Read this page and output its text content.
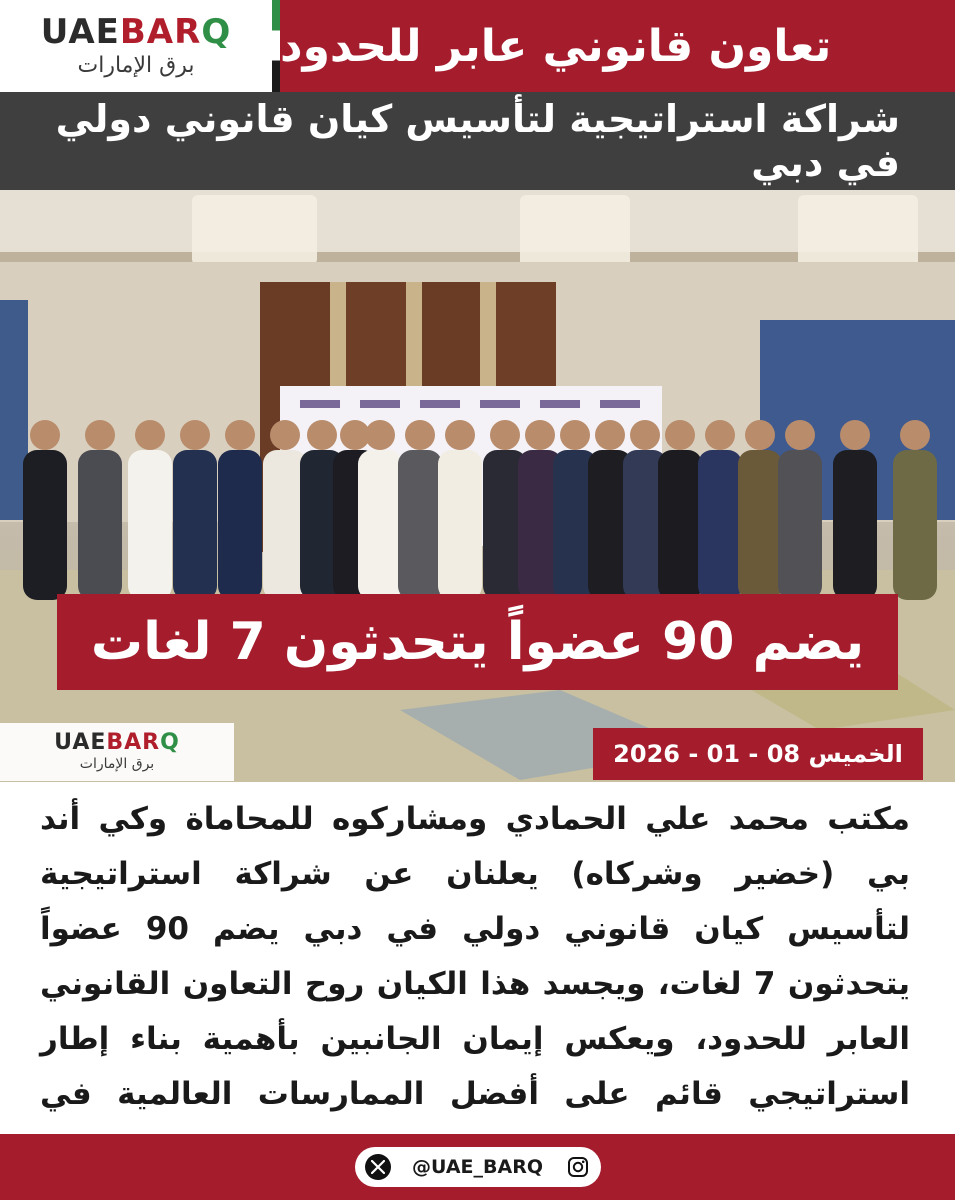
UAEBARQ
برق الإمارات تعاون قانوني عابر للحدود
شراكة استراتيجية لتأسيس كيان قانوني دولي في دبي
يضم 90 عضواً يتحدثون 7 لغات
UAEBARQ
برق الإمارات	الخميس 08 - 01 - 2026
مكتب محمد علي الحمادي ومشاركوه للمحاماة وكي أند بي (خضير وشركاه) يعلنان عن شراكة استراتيجية لتأسيس كيان قانوني دولي في دبي يضم 90 عضواً يتحدثون 7 لغات، ويجسد هذا الكيان روح التعاون القانوني العابر للحدود، ويعكس إيمان الجانبين بأهمية بناء إطار استراتيجي قائم على أفضل الممارسات العالمية في
@UAE_BARQ
